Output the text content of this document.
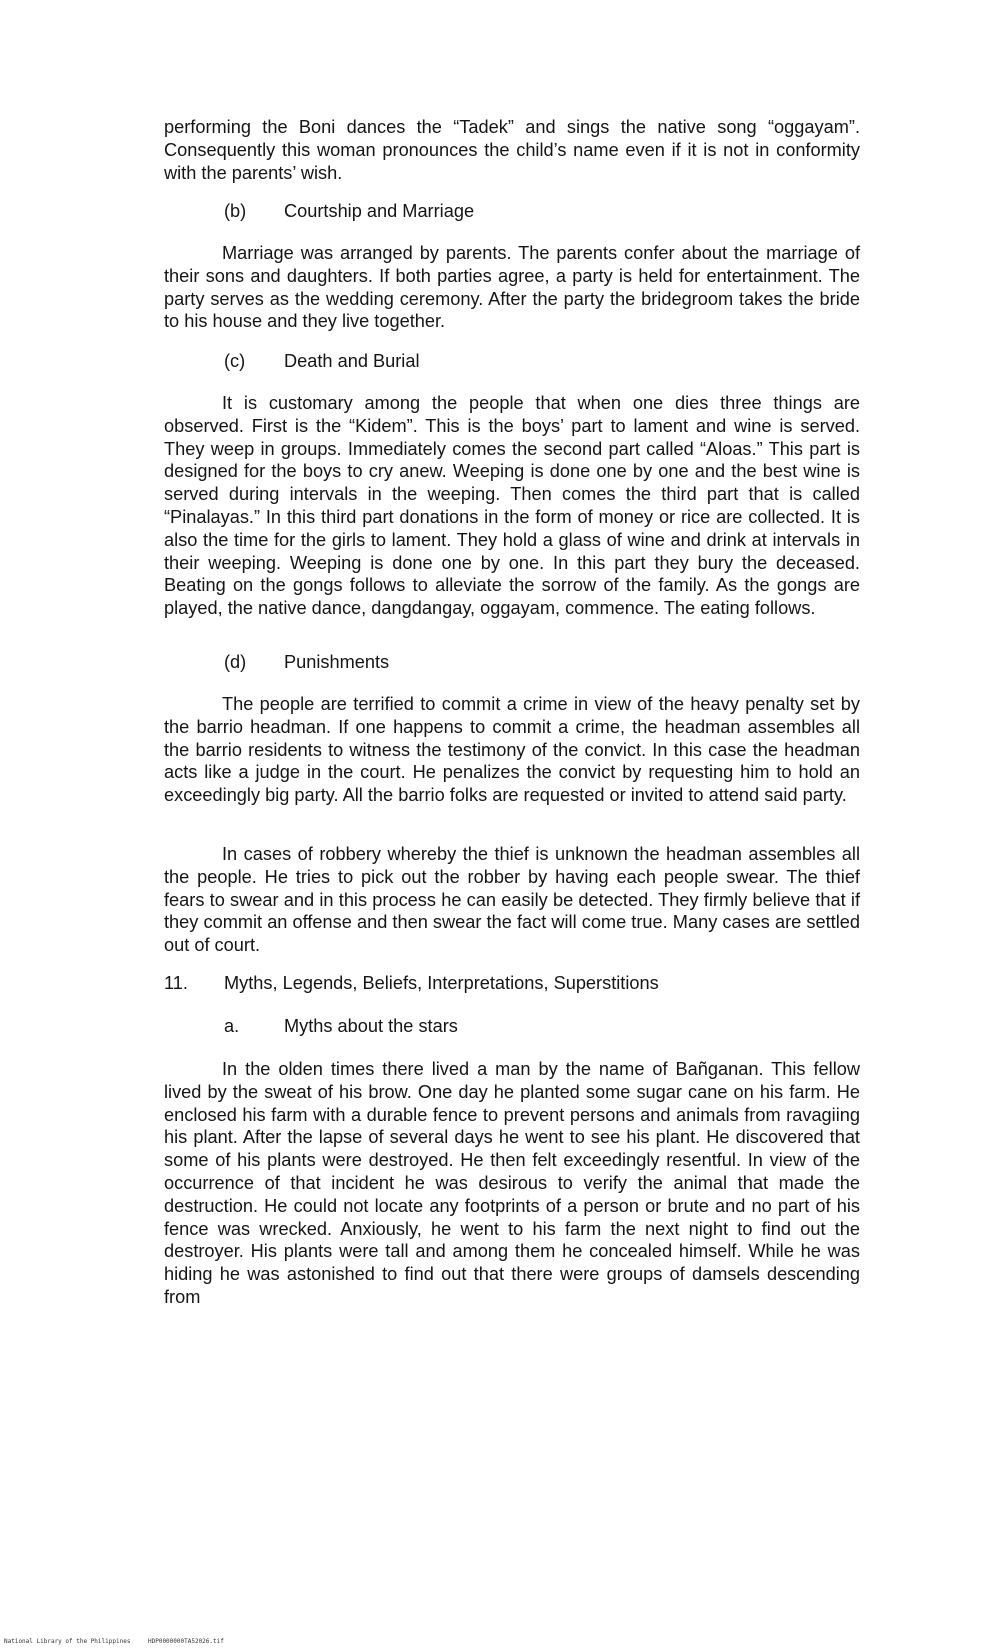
performing the Boni dances the “Tadek” and sings the native song “oggayam”. Consequently this woman pronounces the child’s name even if it is not in conformity with the parents’ wish.

(b) Courtship and Marriage

Marriage was arranged by parents. The parents confer about the marriage of their sons and daughters. If both parties agree, a party is held for entertainment. The party serves as the wedding ceremony. After the party the bridegroom takes the bride to his house and they live together.

(c) Death and Burial

It is customary among the people that when one dies three things are observed. First is the “Kidem”. This is the boys’ part to lament and wine is served. They weep in groups. Immediately comes the second part called “Aloas.” This part is designed for the boys to cry anew. Weeping is done one by one and the best wine is served during intervals in the weeping. Then comes the third part that is called “Pinalayas.” In this third part donations in the form of money or rice are collected. It is also the time for the girls to lament. They hold a glass of wine and drink at intervals in their weeping. Weeping is done one by one. In this part they bury the deceased. Beating on the gongs follows to alleviate the sorrow of the family. As the gongs are played, the native dance, dangdangay, oggayam, commence. The eating follows.

(d) Punishments

The people are terrified to commit a crime in view of the heavy penalty set by the barrio headman. If one happens to commit a crime, the headman assembles all the barrio residents to witness the testimony of the convict. In this case the headman acts like a judge in the court. He penalizes the convict by requesting him to hold an exceedingly big party. All the barrio folks are requested or invited to attend said party.

In cases of robbery whereby the thief is unknown the headman assembles all the people. He tries to pick out the robber by having each people swear. The thief fears to swear and in this process he can easily be detected. They firmly believe that if they commit an offense and then swear the fact will come true. Many cases are settled out of court.

11. Myths, Legends, Beliefs, Interpretations, Superstitions
a. Myths about the stars

In the olden times there lived a man by the name of Bañganan. This fellow lived by the sweat of his brow. One day he planted some sugar cane on his farm. He enclosed his farm with a durable fence to prevent persons and animals from ravagiing his plant. After the lapse of several days he went to see his plant. He discovered that some of his plants were destroyed. He then felt exceedingly resentful. In view of the occurrence of that incident he was desirous to verify the animal that made the destruction. He could not locate any footprints of a person or brute and no part of his fence was wrecked. Anxiously, he went to his farm the next night to find out the destroyer. His plants were tall and among them he concealed himself. While he was hiding he was astonished to find out that there were groups of damsels descending from

National Library of the Philippines	HDP0000000TA52026.tif
